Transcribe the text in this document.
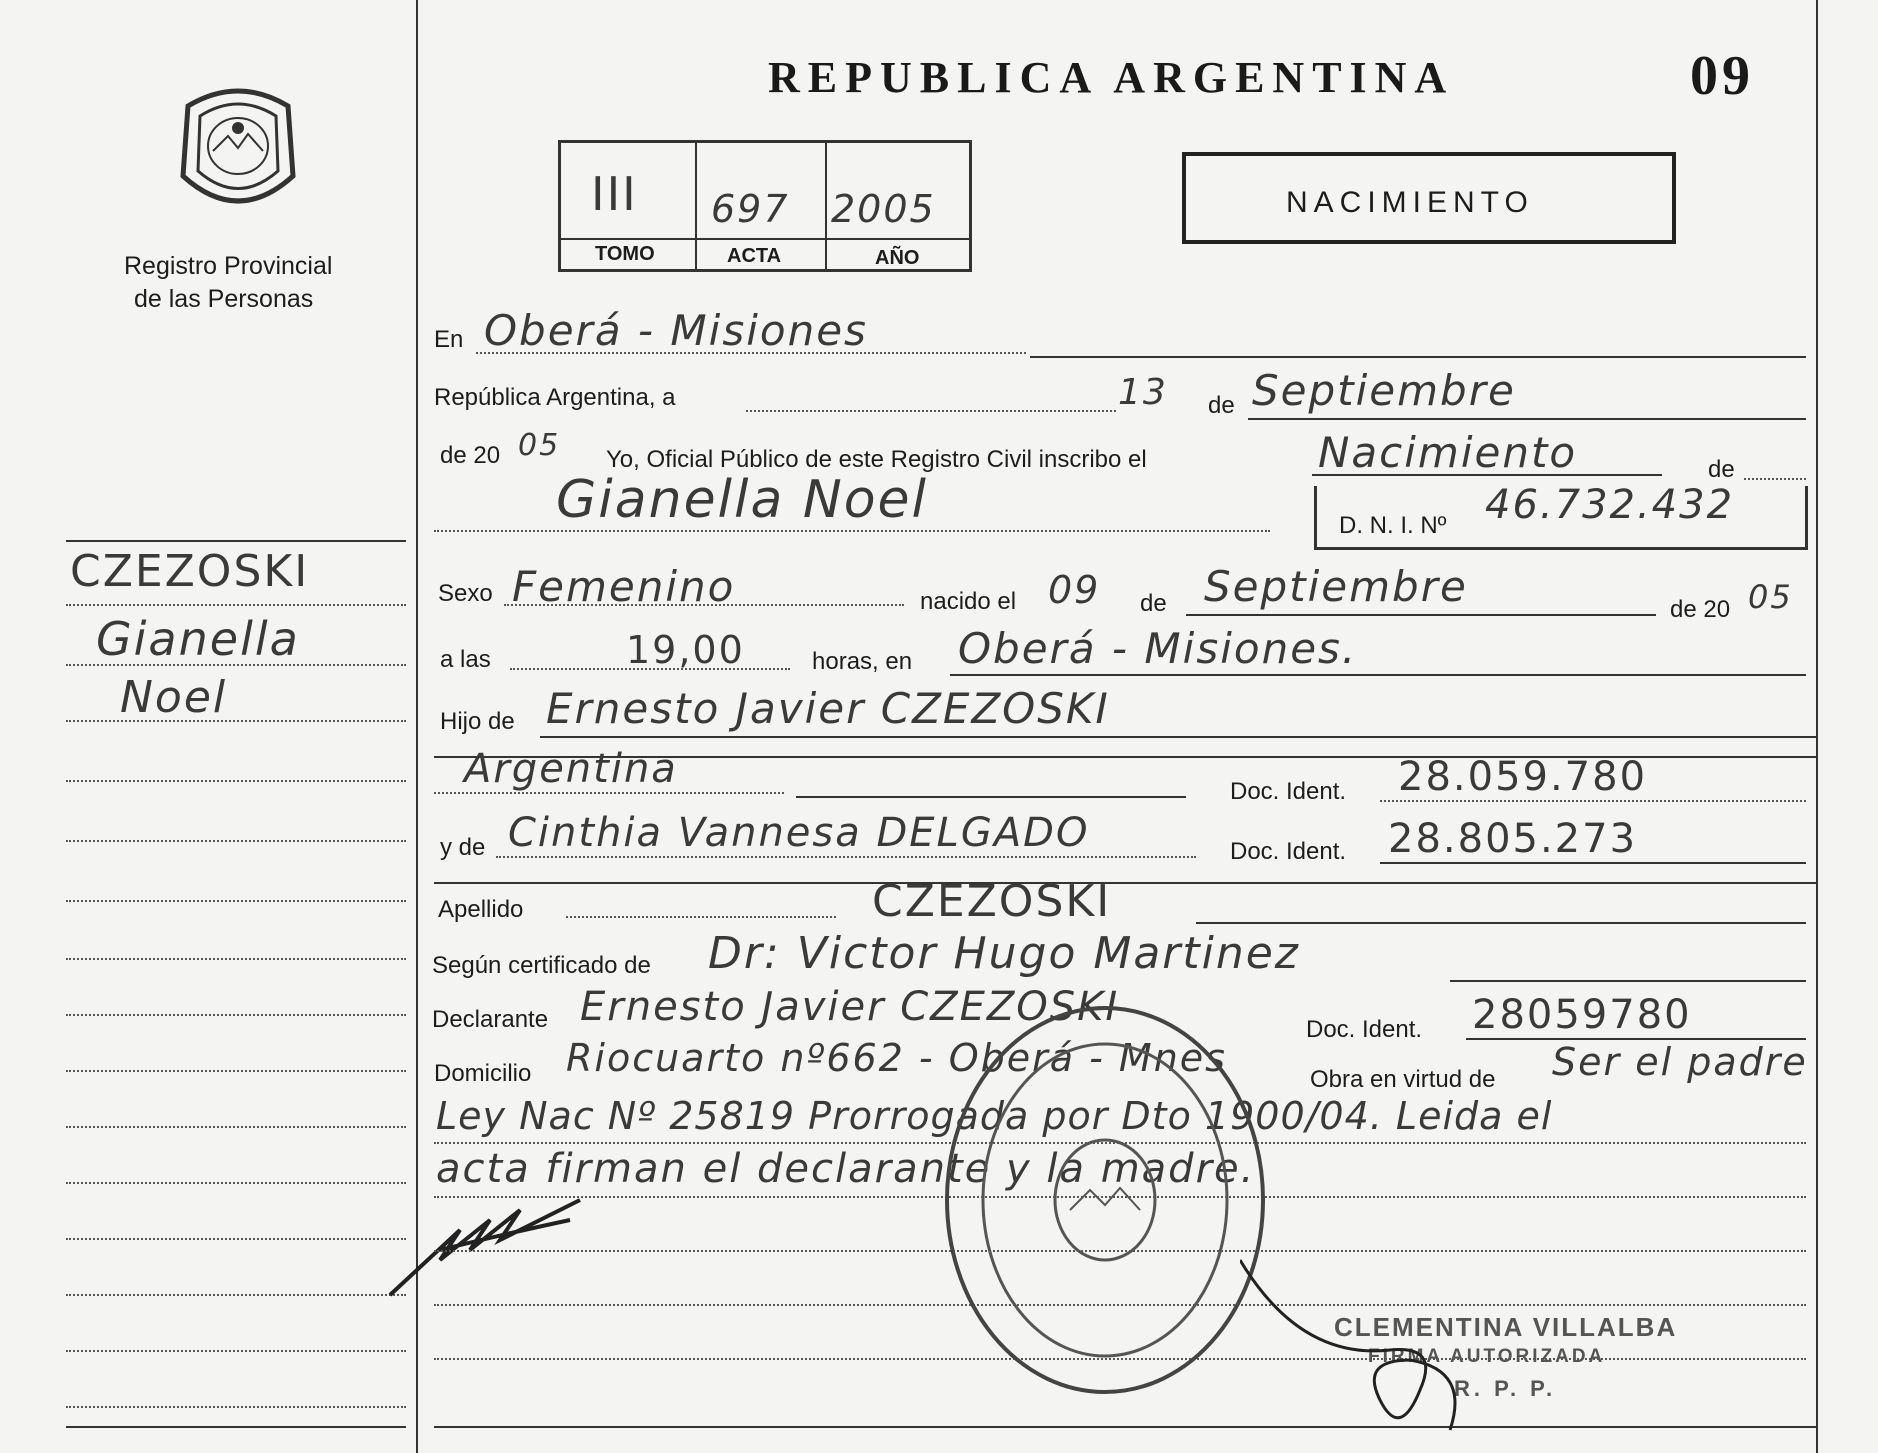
Registro Provincial
de las Personas
REPUBLICA ARGENTINA	09
III 697 2005
TOMO	ACTA	AÑO
NACIMIENTO
CZEZOSKI
Gianella
Noel
En Oberá - Misiones
República Argentina, a	13 de Septiembre
de 20 05 Yo, Oficial Público de este Registro Civil inscribo el	Nacimiento	de
Gianella Noel	D. N. I. Nº 46.732.432
Sexo Femenino	nacido el 09 de Septiembre	de 20 05
a las	19,00	horas, en Oberá - Misiones.
Hijo de Ernesto Javier CZEZOSKI
Argentina	Doc. Ident. 28.059.780
y de Cinthia Vannesa DELGADO	Doc. Ident. 28.805.273
Apellido	CZEZOSKI
Según certificado de Dr: Victor Hugo Martinez
Declarante Ernesto Javier CZEZOSKI	Doc. Ident. 28059780
Domicilio Riocuarto nº662 - Oberá - Mnes	Obra en virtud de Ser el padre
Ley Nac Nº 25819 Prorrogada por Dto 1900/04. Leida el
acta firman el declarante y la madre.
CLEMENTINA VILLALBA
FIRMA AUTORIZADA
R. P. P.
